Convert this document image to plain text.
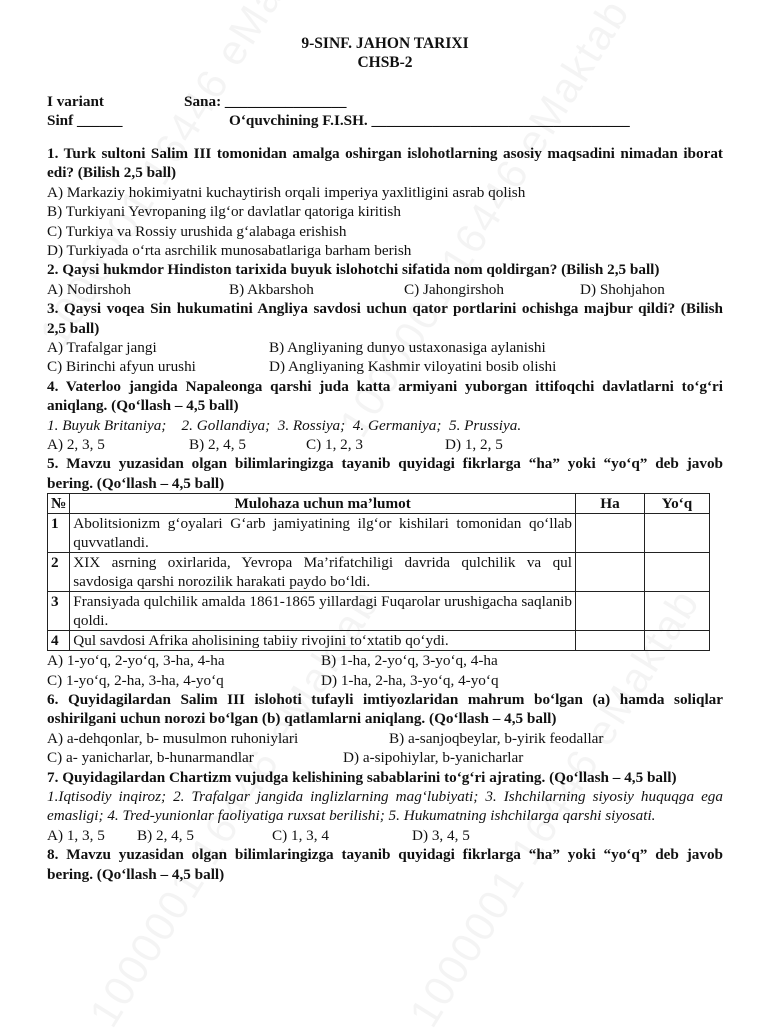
9-SINF. JAHON TARIXI
CHSB-2
I variant	Sana: ________________
Sinf ______	O‘quvchining F.I.SH. __________________________________
1. Turk sultoni Salim III tomonidan amalga oshirgan islohotlarning asosiy maqsadini nimadan iborat edi? (Bilish 2,5 ball)
A) Markaziy hokimiyatni kuchaytirish orqali imperiya yaxlitligini asrab qolish
B) Turkiyani Yevropaning ilg‘or davlatlar qatoriga kiritish
C) Turkiya va Rossiy urushida g‘alabaga erishish
D) Turkiyada o‘rta asrchilik munosabatlariga barham berish
2. Qaysi hukmdor Hindiston tarixida buyuk islohotchi sifatida nom qoldirgan? (Bilish 2,5 ball)
A) Nodirshoh	B) Akbarshoh	C) Jahongirshoh	D) Shohjahon
3. Qaysi voqea Sin hukumatini Angliya savdosi uchun qator portlarini ochishga majbur qildi? (Bilish 2,5 ball)
A) Trafalgar jangi	B) Angliyaning dunyo ustaxonasiga aylanishi
C) Birinchi afyun urushi	D) Angliyaning Kashmir viloyatini bosib olishi
4. Vaterloo jangida Napaleonga qarshi juda katta armiyani yuborgan ittifoqchi davlatlarni to‘g‘ri aniqlang. (Qo‘llash – 4,5 ball)
1. Buyuk Britaniya;    2. Gollandiya;  3. Rossiya;  4. Germaniya;  5. Prussiya.
A) 2, 3, 5	B) 2, 4, 5	C) 1, 2, 3	D) 1, 2, 5
5. Mavzu yuzasidan olgan bilimlaringizga tayanib quyidagi fikrlarga “ha” yoki “yo‘q” deb javob bering. (Qo‘llash – 4,5 ball)
№	Mulohaza uchun ma’lumot	Ha	Yo‘q
1	Abolitsionizm g‘oyalari G‘arb jamiyatining ilg‘or kishilari tomonidan qo‘llab quvvatlandi.		
2	XIX asrning oxirlarida, Yevropa Ma’rifatchiligi davrida qulchilik va qul savdosiga qarshi norozilik harakati paydo bo‘ldi.		
3	Fransiyada qulchilik amalda 1861-1865 yillardagi Fuqarolar urushigacha saqlanib qoldi.		
4	Qul savdosi Afrika aholisining tabiiy rivojini to‘xtatib qo‘ydi.		
A) 1-yo‘q, 2-yo‘q, 3-ha, 4-ha	B) 1-ha, 2-yo‘q, 3-yo‘q, 4-ha
C) 1-yo‘q, 2-ha, 3-ha, 4-yo‘q	D) 1-ha, 2-ha, 3-yo‘q, 4-yo‘q
6. Quyidagilardan Salim III islohoti tufayli imtiyozlaridan mahrum bo‘lgan (a) hamda soliqlar oshirilgani uchun norozi bo‘lgan (b) qatlamlarni aniqlang. (Qo‘llash – 4,5 ball)
A) a-dehqonlar, b- musulmon ruhoniylari	B) a-sanjoqbeylar, b-yirik feodallar
C) a- yanicharlar, b-hunarmandlar	D) a-sipohiylar, b-yanicharlar
7. Quyidagilardan Chartizm vujudga kelishining sabablarini to‘g‘ri ajrating. (Qo‘llash – 4,5 ball)
1.Iqtisodiy inqiroz; 2. Trafalgar jangida inglizlarning mag‘lubiyati; 3. Ishchilarning siyosiy huquqga ega emasligi; 4. Tred-yunionlar faoliyatiga ruxsat berilishi; 5. Hukumatning ishchilarga qarshi siyosati.
A) 1, 3, 5 B) 2, 4, 5	C) 1, 3, 4	D) 3, 4, 5
8. Mavzu yuzasidan olgan bilimlaringizga tayanib quyidagi fikrlarga “ha” yoki “yo‘q” deb javob bering. (Qo‘llash – 4,5 ball)
